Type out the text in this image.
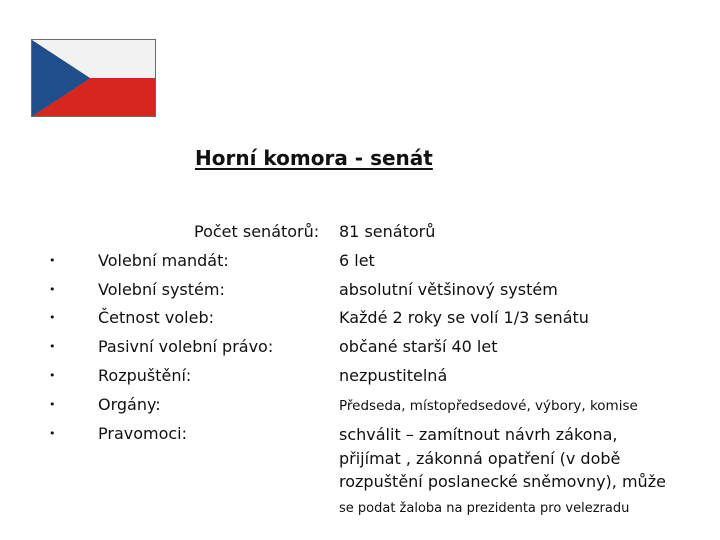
Horní komora - senát
Počet senátorů: 81 senátorů
•
•
•
•
•
•
•
Volební mandát:	6 let
Volební systém:	absolutní většinový systém
Četnost voleb:	Každé 2 roky se volí 1/3 senátu
Pasivní volební právo:	občané starší 40 let
Rozpuštění:	nezpustitelná
Orgány:	Předseda, místopředsedové, výbory, komise
Pravomoci:	schválit – zamítnout návrh zákona,
přijímat , zákonná opatření (v době
rozpuštění poslanecké sněmovny), může
se podat žaloba na prezidenta pro velezradu
